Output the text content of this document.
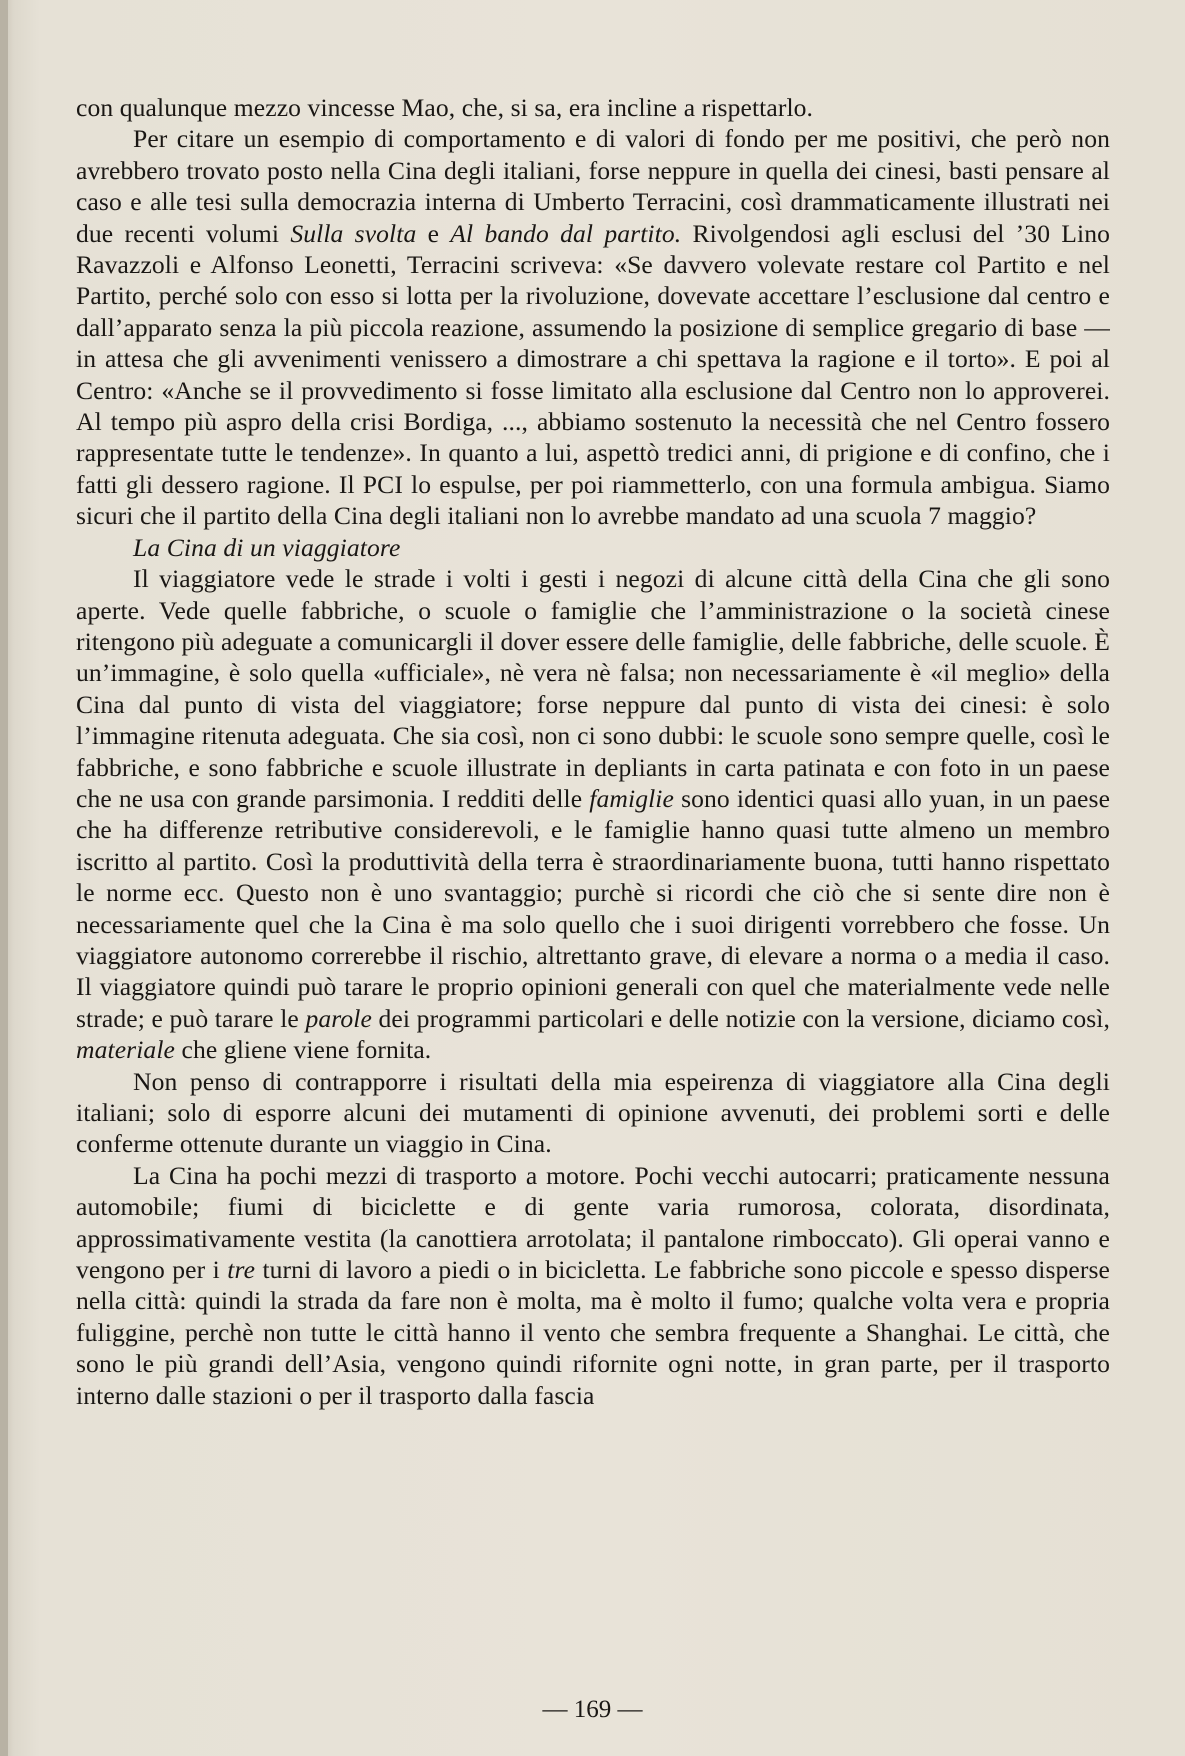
con qualunque mezzo vincesse Mao, che, si sa, era incline a rispettarlo.

Per citare un esempio di comportamento e di valori di fondo per me positivi, che però non avrebbero trovato posto nella Cina degli italiani, forse neppure in quella dei cinesi, basti pensare al caso e alle tesi sulla democrazia interna di Umberto Terracini, così drammaticamente illustrati nei due recenti volumi Sulla svolta e Al bando dal partito. Rivolgendosi agli esclusi del ’30 Lino Ravazzoli e Alfonso Leonetti, Terracini scriveva: «Se davvero volevate restare col Partito e nel Partito, perché solo con esso si lotta per la rivoluzione, dovevate accettare l’esclusione dal centro e dall’apparato senza la più piccola reazione, assumendo la posizione di semplice gregario di base — in attesa che gli avvenimenti venissero a dimostrare a chi spettava la ragione e il torto». E poi al Centro: «Anche se il provvedimento si fosse limitato alla esclusione dal Centro non lo approverei. Al tempo più aspro della crisi Bordiga, ..., abbiamo sostenuto la necessità che nel Centro fossero rappresentate tutte le tendenze». In quanto a lui, aspettò tredici anni, di prigione e di confino, che i fatti gli dessero ragione. Il PCI lo espulse, per poi riammetterlo, con una formula ambigua. Siamo sicuri che il partito della Cina degli italiani non lo avrebbe mandato ad una scuola 7 maggio?

La Cina di un viaggiatore

Il viaggiatore vede le strade i volti i gesti i negozi di alcune città della Cina che gli sono aperte. Vede quelle fabbriche, o scuole o famiglie che l’amministrazione o la società cinese ritengono più adeguate a comunicargli il dover essere delle famiglie, delle fabbriche, delle scuole. È un’immagine, è solo quella «ufficiale», nè vera nè falsa; non necessariamente è «il meglio» della Cina dal punto di vista del viaggiatore; forse neppure dal punto di vista dei cinesi: è solo l’immagine ritenuta adeguata. Che sia così, non ci sono dubbi: le scuole sono sempre quelle, così le fabbriche, e sono fabbriche e scuole illustrate in depliants in carta patinata e con foto in un paese che ne usa con grande parsimonia. I redditi delle famiglie sono identici quasi allo yuan, in un paese che ha differenze retributive considerevoli, e le famiglie hanno quasi tutte almeno un membro iscritto al partito. Così la produttività della terra è straordinariamente buona, tutti hanno rispettato le norme ecc. Questo non è uno svantaggio; purchè si ricordi che ciò che si sente dire non è necessariamente quel che la Cina è ma solo quello che i suoi dirigenti vorrebbero che fosse. Un viaggiatore autonomo correrebbe il rischio, altrettanto grave, di elevare a norma o a media il caso. Il viaggiatore quindi può tarare le proprio opinioni generali con quel che materialmente vede nelle strade; e può tarare le parole dei programmi particolari e delle notizie con la versione, diciamo così, materiale che gliene viene fornita.

Non penso di contrapporre i risultati della mia espeirenza di viaggiatore alla Cina degli italiani; solo di esporre alcuni dei mutamenti di opinione avvenuti, dei problemi sorti e delle conferme ottenute durante un viaggio in Cina.

La Cina ha pochi mezzi di trasporto a motore. Pochi vecchi autocarri; praticamente nessuna automobile; fiumi di biciclette e di gente varia rumorosa, colorata, disordinata, approssimativamente vestita (la canottiera arrotolata; il pantalone rimboccato). Gli operai vanno e vengono per i tre turni di lavoro a piedi o in bicicletta. Le fabbriche sono piccole e spesso disperse nella città: quindi la strada da fare non è molta, ma è molto il fumo; qualche volta vera e propria fuliggine, perchè non tutte le città hanno il vento che sembra frequente a Shanghai. Le città, che sono le più grandi dell’Asia, vengono quindi rifornite ogni notte, in gran parte, per il trasporto interno dalle stazioni o per il trasporto dalla fascia

— 169 —
